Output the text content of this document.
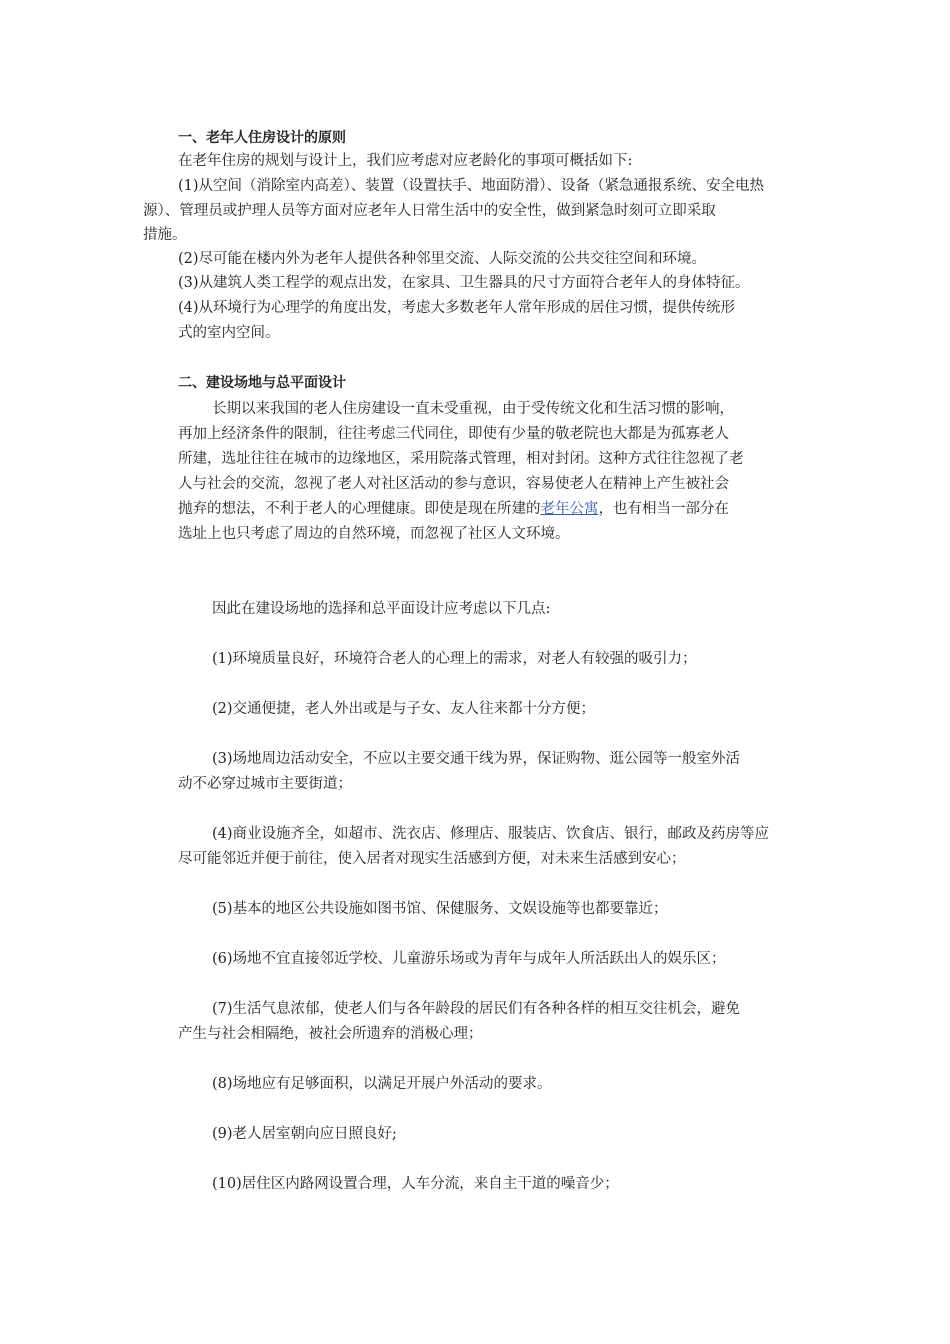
一、老年人住房设计的原则
在老年住房的规划与设计上，我们应考虑对应老龄化的事项可概括如下:
(1)从空间（消除室内高差）、装置（设置扶手、地面防滑）、设备（紧急通报系统、安全电热
源）、管理员或护理人员等方面对应老年人日常生活中的安全性，做到紧急时刻可立即采取
措施。
(2)尽可能在楼内外为老年人提供各种邻里交流、人际交流的公共交往空间和环境。
(3)从建筑人类工程学的观点出发，在家具、卫生器具的尺寸方面符合老年人的身体特征。
(4)从环境行为心理学的角度出发，考虑大多数老年人常年形成的居住习惯，提供传统形
式的室内空间。
二、建设场地与总平面设计
长期以来我国的老人住房建设一直未受重视，由于受传统文化和生活习惯的影响，
再加上经济条件的限制，往往考虑三代同住，即使有少量的敬老院也大都是为孤寡老人
所建，选址往往在城市的边缘地区，采用院落式管理，相对封闭。这种方式往往忽视了老
人与社会的交流，忽视了老人对社区活动的参与意识，容易使老人在精神上产生被社会
抛弃的想法，不利于老人的心理健康。即使是现在所建的老年公寓，也有相当一部分在
选址上也只考虑了周边的自然环境，而忽视了社区人文环境。
因此在建设场地的选择和总平面设计应考虑以下几点:
(1)环境质量良好，环境符合老人的心理上的需求，对老人有较强的吸引力；
(2)交通便捷，老人外出或是与子女、友人往来都十分方便；
(3)场地周边活动安全，不应以主要交通干线为界，保证购物、逛公园等一般室外活
动不必穿过城市主要街道；
(4)商业设施齐全，如超市、洗衣店、修理店、服装店、饮食店、银行，邮政及药房等应
尽可能邻近并便于前往，使入居者对现实生活感到方便，对未来生活感到安心；
(5)基本的地区公共设施如图书馆、保健服务、文娱设施等也都要靠近；
(6)场地不宜直接邻近学校、儿童游乐场或为青年与成年人所活跃出人的娱乐区；
(7)生活气息浓郁，使老人们与各年龄段的居民们有各种各样的相互交往机会，避免
产生与社会相隔绝，被社会所遗弃的消极心理；
(8)场地应有足够面积，以满足开展户外活动的要求。
(9)老人居室朝向应日照良好;
(10)居住区内路网设置合理，人车分流，来自主干道的噪音少；
